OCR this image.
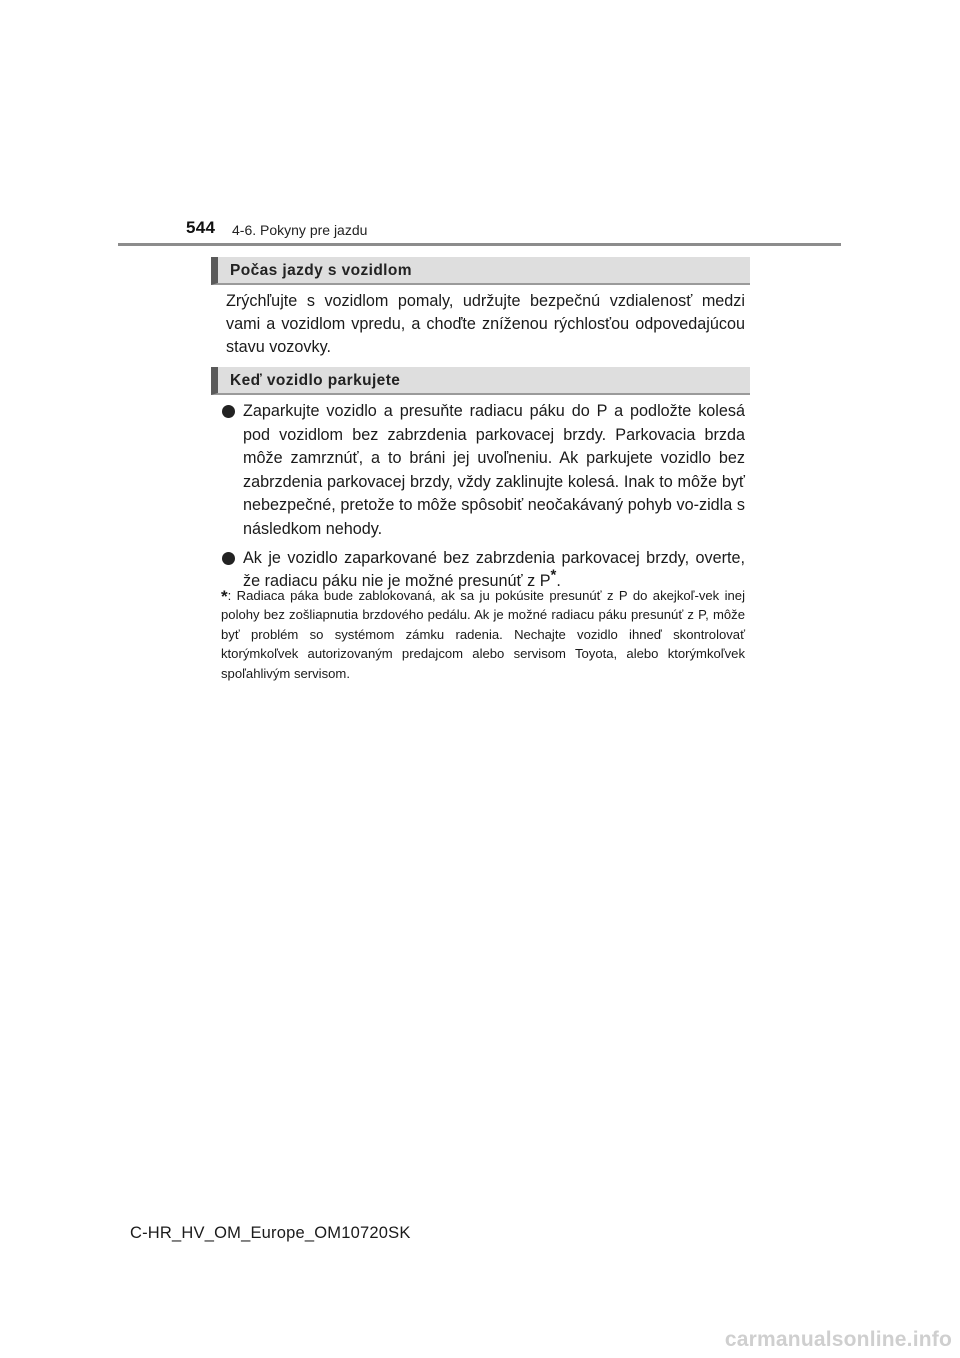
544 4-6. Pokyny pre jazdu
Počas jazdy s vozidlom
Zrýchľujte s vozidlom pomaly, udržujte bezpečnú vzdialenosť medzi vami a vozidlom vpredu, a choďte zníženou rýchlosťou odpovedajúcou stavu vozovky.
Keď vozidlo parkujete
Zaparkujte vozidlo a presuňte radiacu páku do P a podložte kolesá pod vozidlom bez zabrzdenia parkovacej brzdy. Parkovacia brzda môže zamrznúť, a to bráni jej uvoľneniu. Ak parkujete vozidlo bez zabrzdenia parkovacej brzdy, vždy zaklinujte kolesá. Inak to môže byť nebezpečné, pretože to môže spôsobiť neočakávaný pohyb vo-zidla s následkom nehody.
Ak je vozidlo zaparkované bez zabrzdenia parkovacej brzdy, overte, že radiacu páku nie je možné presunúť z P*.
*: Radiaca páka bude zablokovaná, ak sa ju pokúsite presunúť z P do akejkoľ-vek inej polohy bez zošliapnutia brzdového pedálu. Ak je možné radiacu páku presunúť z P, môže byť problém so systémom zámku radenia. Nechajte vozidlo ihneď skontrolovať ktorýmkoľvek autorizovaným predajcom alebo servisom Toyota, alebo ktorýmkoľvek spoľahlivým servisom.
C-HR_HV_OM_Europe_OM10720SK
carmanualsonline.info
